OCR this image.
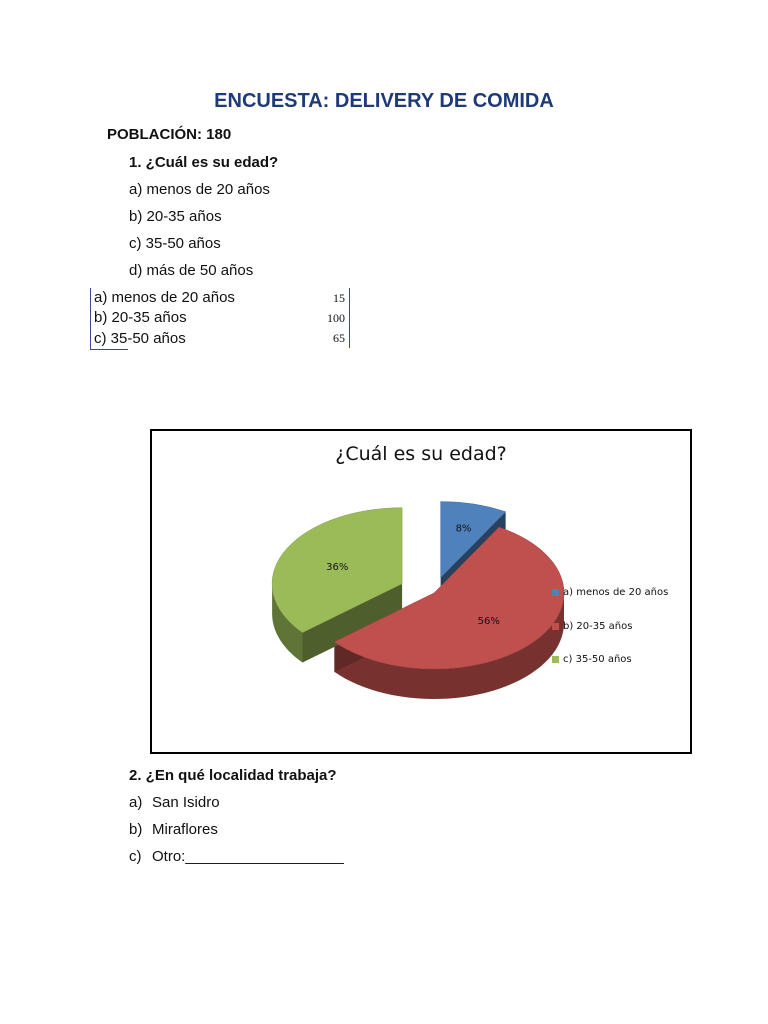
ENCUESTA: DELIVERY DE COMIDA
POBLACIÓN: 180
1. ¿Cuál es su edad?
a) menos de 20 años
b) 20-35 años
c) 35-50 años
d) más de 50 años
a) menos de 20 años	15
b) 20-35 años	100
c) 35-50 años	65
¿Cuál es su edad?
8%
56%
36%
a) menos de 20 años
b) 20-35 años
c) 35-50 años
2. ¿En qué localidad trabaja?
a) San Isidro
b) Miraflores
c) Otro:___________________
